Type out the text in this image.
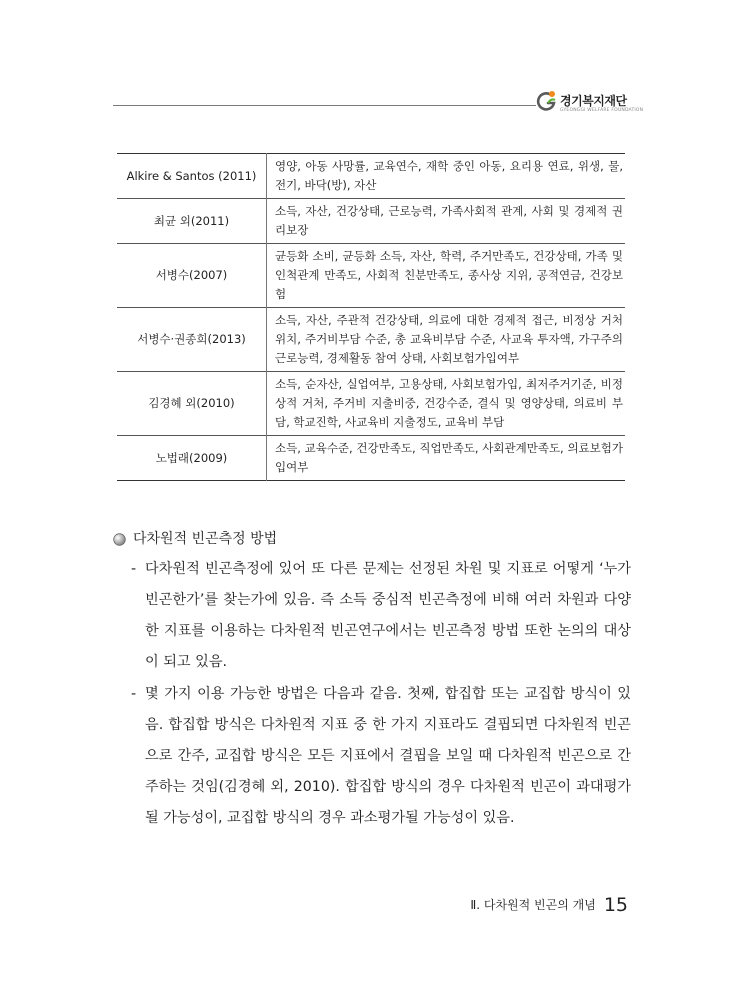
경기복지재단
GYEONGGI WELFARE FOUNDATION
Alkire & Santos (2011)	영양, 아동 사망률, 교육연수, 재학 중인 아동, 요리용 연료, 위생, 물, 전기, 바닥(방), 자산
최균 외(2011)	소득, 자산, 건강상태, 근로능력, 가족사회적 관계, 사회 및 경제적 권리보장
서병수(2007)	균등화 소비, 균등화 소득, 자산, 학력, 주거만족도, 건강상태, 가족 및 인척관계 만족도, 사회적 친분만족도, 종사상 지위, 공적연금, 건강보험
서병수·권종희(2013)	소득, 자산, 주관적 건강상태, 의료에 대한 경제적 접근, 비정상 거처 위치, 주거비부담 수준, 총 교육비부담 수준, 사교육 투자액, 가구주의 근로능력, 경제활동 참여 상태, 사회보험가입여부
김경혜 외(2010)	소득, 순자산, 실업여부, 고용상태, 사회보험가입, 최저주거기준, 비정상적 거처, 주거비 지출비중, 건강수준, 결식 및 영양상태, 의료비 부담, 학교진학, 사교육비 지출정도, 교육비 부담
노법래(2009)	소득, 교육수준, 건강만족도, 직업만족도, 사회관계만족도, 의료보험가입여부
다차원적 빈곤측정 방법
- 다차원적 빈곤측정에 있어 또 다른 문제는 선정된 차원 및 지표로 어떻게 ‘누가 빈곤한가’를 찾는가에 있음. 즉 소득 중심적 빈곤측정에 비해 여러 차원과 다양한 지표를 이용하는 다차원적 빈곤연구에서는 빈곤측정 방법 또한 논의의 대상이 되고 있음.
- 몇 가지 이용 가능한 방법은 다음과 같음. 첫째, 합집합 또는 교집합 방식이 있음. 합집합 방식은 다차원적 지표 중 한 가지 지표라도 결핍되면 다차원적 빈곤으로 간주, 교집합 방식은 모든 지표에서 결핍을 보일 때 다차원적 빈곤으로 간주하는 것임(김경혜 외, 2010). 합집합 방식의 경우 다차원적 빈곤이 과대평가될 가능성이, 교집합 방식의 경우 과소평가될 가능성이 있음.
Ⅱ. 다차원적 빈곤의 개념 15
